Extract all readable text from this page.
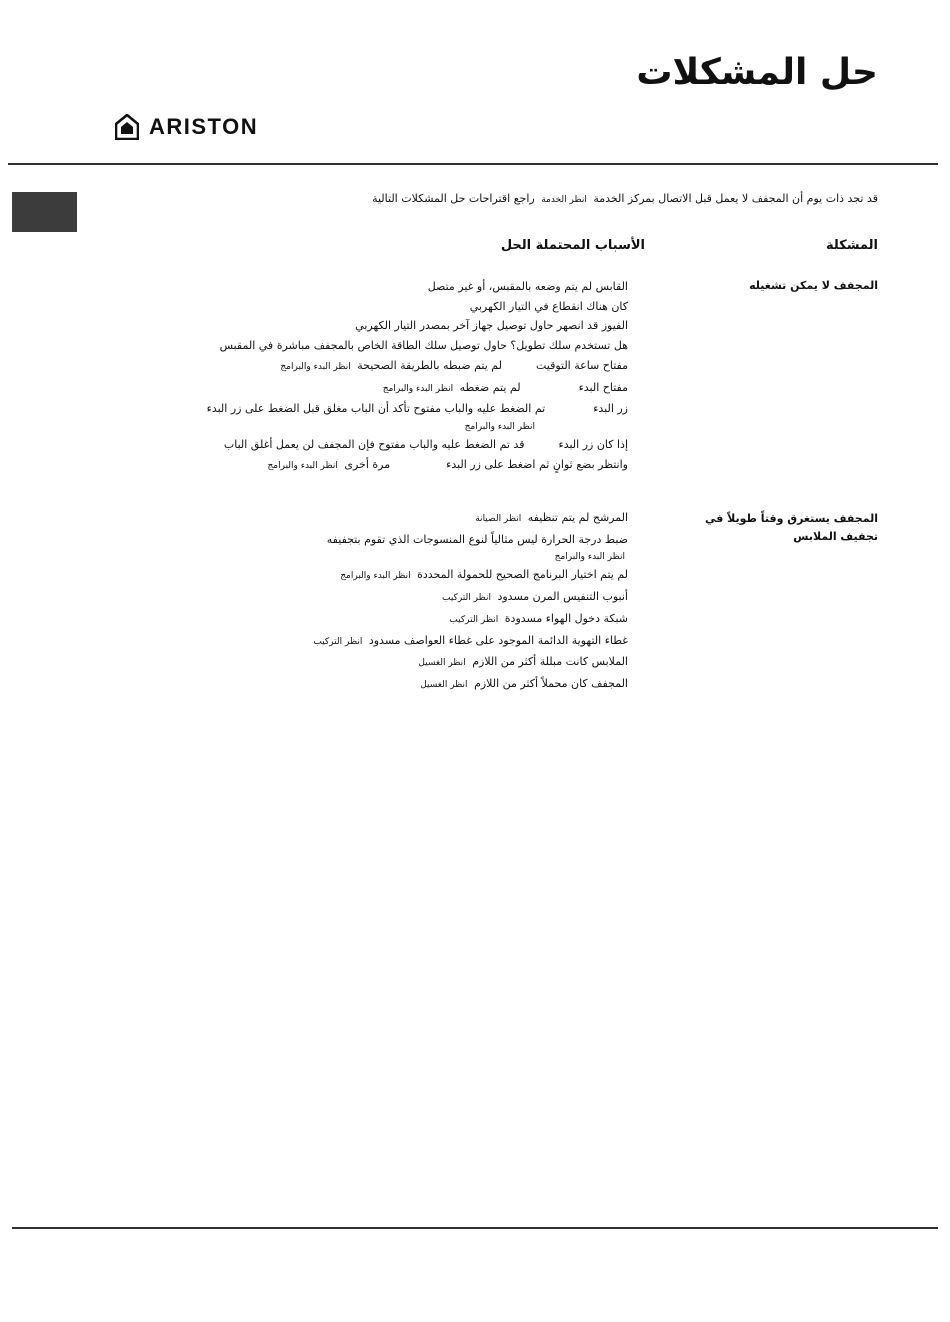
حل المشكلات
ARISTON
قد تجد ذات يوم أن المجفف لا يعمل قبل الاتصال بمركز الخدمة انظر الخدمة راجع اقتراحات حل المشكلات التالية
المشكلة
الأسباب المحتملة الحل
المجفف لا يمكن تشغيله
القابس لم يتم وضعه بالمقبس، أو غير متصل
كان هناك انقطاع في التيار الكهربي
الفيوز قد انصهر حاول توصيل جهاز آخر بمصدر التيار الكهربي
هل تستخدم سلك تطويل؟ حاول توصيل سلك الطاقة الخاص بالمجفف مباشرة في المقبس
مفتاح ساعة التوقيتلم يتم ضبطه بالطريقة الصحيحة انظر البدء والبرامج
مفتاح البدءلم يتم ضغطه انظر البدء والبرامج
زر البدءتم الضغط عليه والباب مفتوح تأكد أن الباب مغلق قبل الضغط على زر البدء
انظر البدء والبرامج
إذا كان زر البدءقد تم الضغط عليه والباب مفتوح فإن المجفف لن يعمل أغلق الباب
وانتظر بضع ثوانٍ ثم اضغط على زر البدءمرة أخرى انظر البدء والبرامج
المجفف يستغرق وقتاً طويلاً في تجفيف الملابس
المرشح لم يتم تنظيفه انظر الصيانة
ضبط درجة الحرارة ليس مثالياً لنوع المنسوجات الذي تقوم بتجفيفه
انظر البدء والبرامج
لم يتم اختيار البرنامج الصحيح للحمولة المحددة انظر البدء والبرامج
أنبوب التنفيس المرن مسدود انظر التركيب
شبكة دخول الهواء مسدودة انظر التركيب
غطاء التهوية الدائمة الموجود على غطاء العواصف مسدود انظر التركيب
الملابس كانت مبللة أكثر من اللازم انظر الغسيل
المجفف كان محملاً أكثر من اللازم انظر الغسيل
